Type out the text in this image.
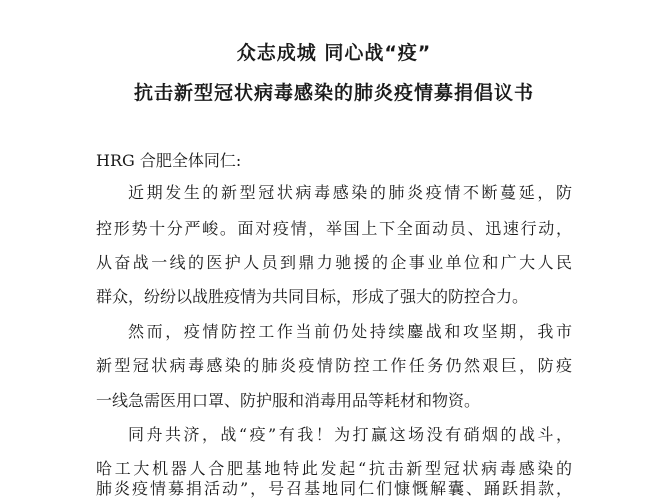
众志成城 同心战“疫”
抗击新型冠状病毒感染的肺炎疫情募捐倡议书
HRG 合肥全体同仁:
近期发生的新型冠状病毒感染的肺炎疫情不断蔓延，防
控形势十分严峻。面对疫情，举国上下全面动员、迅速行动，
从奋战一线的医护人员到鼎力驰援的企事业单位和广大人民
群众，纷纷以战胜疫情为共同目标，形成了强大的防控合力。
然而，疫情防控工作当前仍处持续鏖战和攻坚期，我市
新型冠状病毒感染的肺炎疫情防控工作任务仍然艰巨，防疫
一线急需医用口罩、防护服和消毒用品等耗材和物资。
同舟共济，战“疫”有我！为打赢这场没有硝烟的战斗，
哈工大机器人合肥基地特此发起“抗击新型冠状病毒感染的
肺炎疫情募捐活动”，号召基地同仁们慷慨解囊、踊跃捐款，
